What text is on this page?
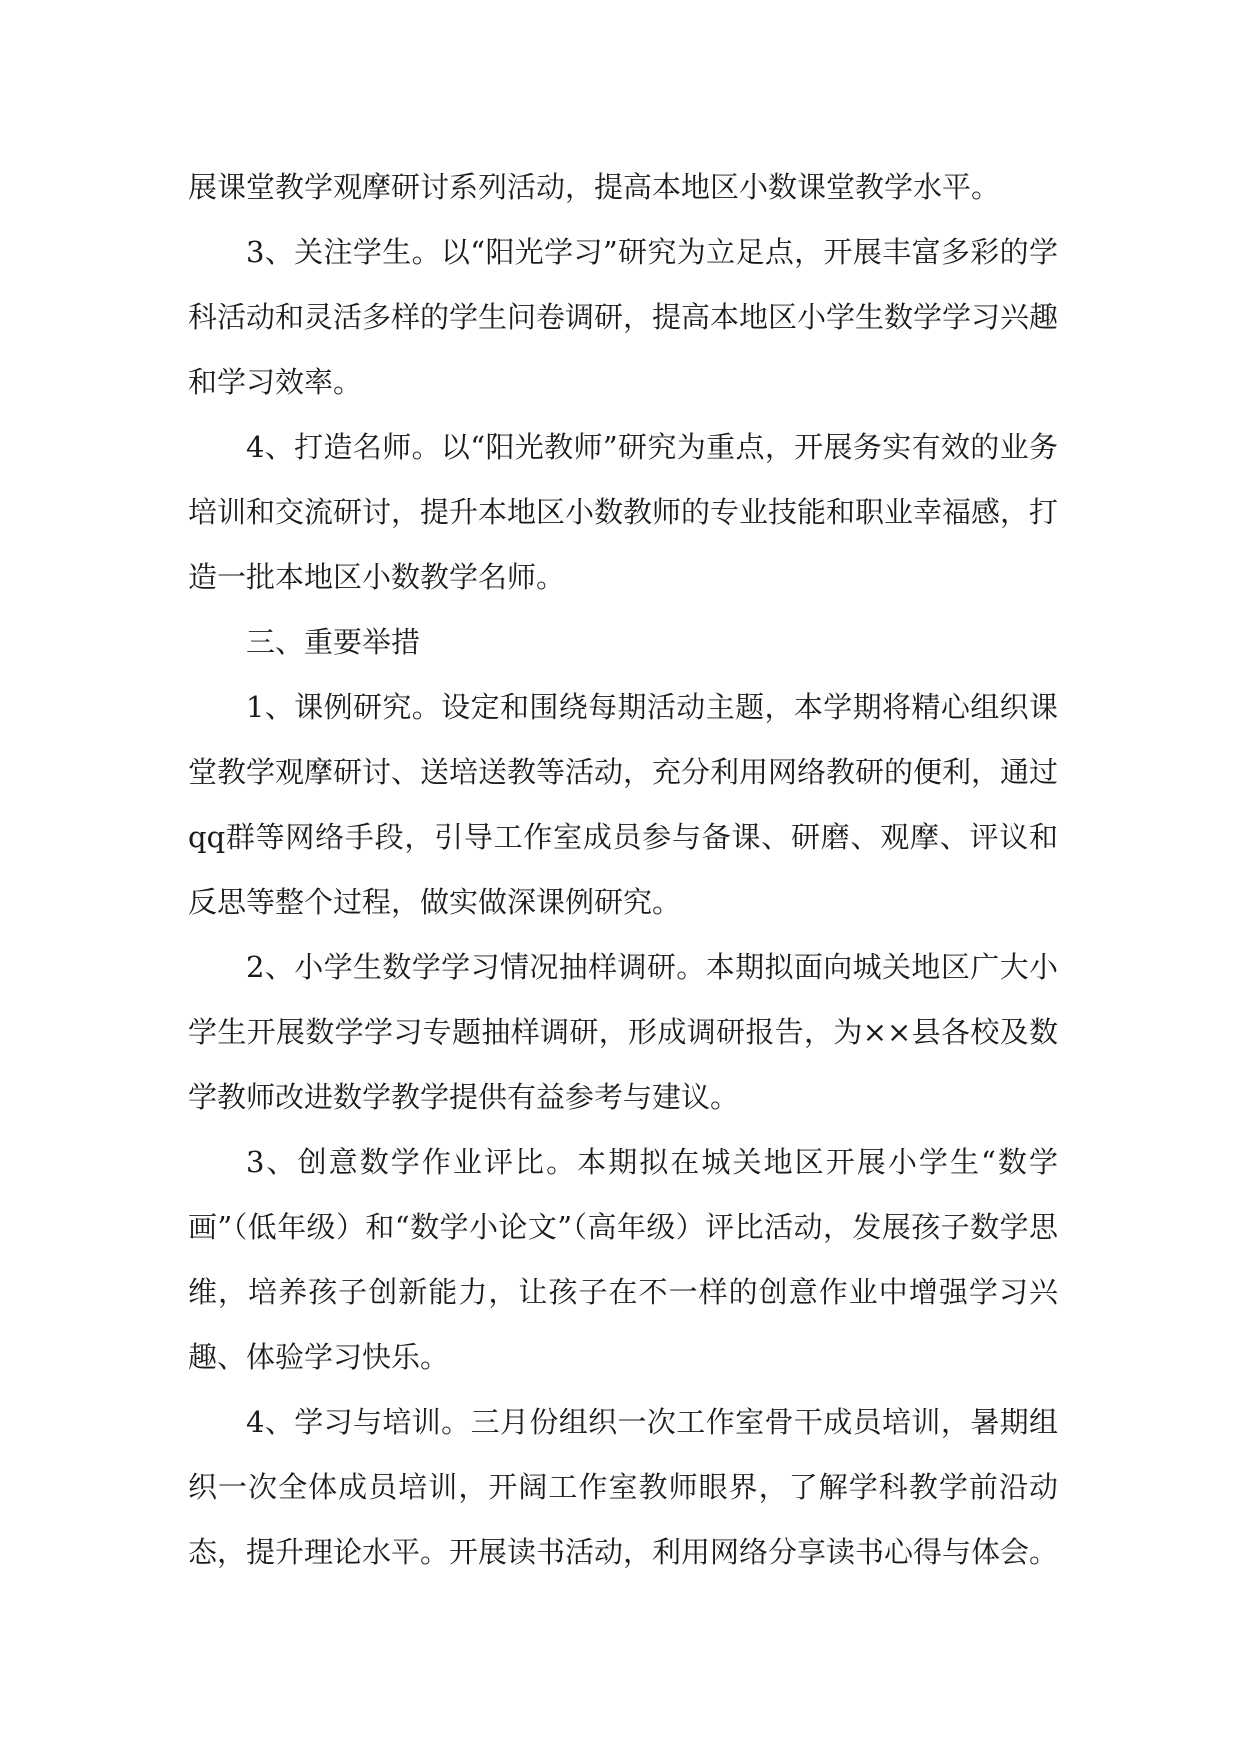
展课堂教学观摩研讨系列活动，提高本地区小数课堂教学水平。

3、关注学生。以“阳光学习”研究为立足点，开展丰富多彩的学科活动和灵活多样的学生问卷调研，提高本地区小学生数学学习兴趣和学习效率。

4、打造名师。以“阳光教师”研究为重点，开展务实有效的业务培训和交流研讨，提升本地区小数教师的专业技能和职业幸福感，打造一批本地区小数教学名师。

三、重要举措

1、课例研究。设定和围绕每期活动主题，本学期将精心组织课堂教学观摩研讨、送培送教等活动，充分利用网络教研的便利，通过qq群等网络手段，引导工作室成员参与备课、研磨、观摩、评议和反思等整个过程，做实做深课例研究。

2、小学生数学学习情况抽样调研。本期拟面向城关地区广大小学生开展数学学习专题抽样调研，形成调研报告，为××县各校及数学教师改进数学教学提供有益参考与建议。

3、创意数学作业评比。本期拟在城关地区开展小学生“数学画”（低年级）和“数学小论文”（高年级）评比活动，发展孩子数学思维，培养孩子创新能力，让孩子在不一样的创意作业中增强学习兴趣、体验学习快乐。

4、学习与培训。三月份组织一次工作室骨干成员培训，暑期组织一次全体成员培训，开阔工作室教师眼界，了解学科教学前沿动态，提升理论水平。开展读书活动，利用网络分享读书心得与体会。
